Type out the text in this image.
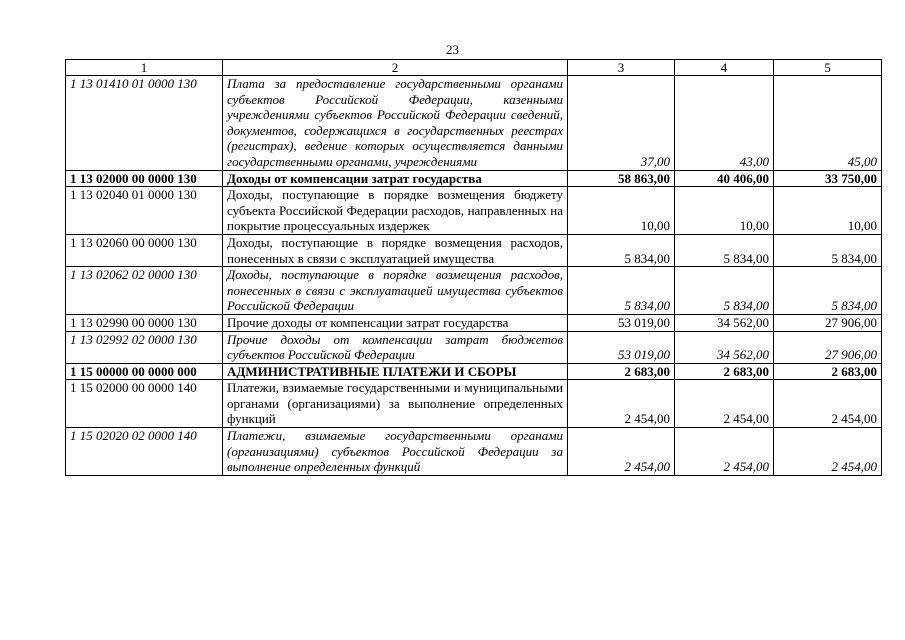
23
1	2	3	4	5
1 13 01410 01 0000 130	Плата за предоставление государственными органами субъектов Российской Федерации, казенными учреждениями субъектов Российской Федерации сведений, документов, содержащихся в государственных реестрах (регистрах), ведение которых осуществляется данными государственными органами, учреждениями	37,00	43,00	45,00
1 13 02000 00 0000 130	Доходы от компенсации затрат государства	58 863,00	40 406,00	33 750,00
1 13 02040 01 0000 130	Доходы, поступающие в порядке возмещения бюджету субъекта Российской Федерации расходов, направленных на покрытие процессуальных издержек	10,00	10,00	10,00
1 13 02060 00 0000 130	Доходы, поступающие в порядке возмещения расходов, понесенных в связи с эксплуатацией имущества	5 834,00	5 834,00	5 834,00
1 13 02062 02 0000 130	Доходы, поступающие в порядке возмещения расходов, понесенных в связи с эксплуатацией имущества субъектов Российской Федерации	5 834,00	5 834,00	5 834,00
1 13 02990 00 0000 130	Прочие доходы от компенсации затрат государства	53 019,00	34 562,00	27 906,00
1 13 02992 02 0000 130	Прочие доходы от компенсации затрат бюджетов субъектов Российской Федерации	53 019,00	34 562,00	27 906,00
1 15 00000 00 0000 000	АДМИНИСТРАТИВНЫЕ ПЛАТЕЖИ И СБОРЫ	2 683,00	2 683,00	2 683,00
1 15 02000 00 0000 140	Платежи, взимаемые государственными и муниципальными органами (организациями) за выполнение определенных функций	2 454,00	2 454,00	2 454,00
1 15 02020 02 0000 140	Платежи, взимаемые государственными органами (организациями) субъектов Российской Федерации за выполнение определенных функций	2 454,00	2 454,00	2 454,00
